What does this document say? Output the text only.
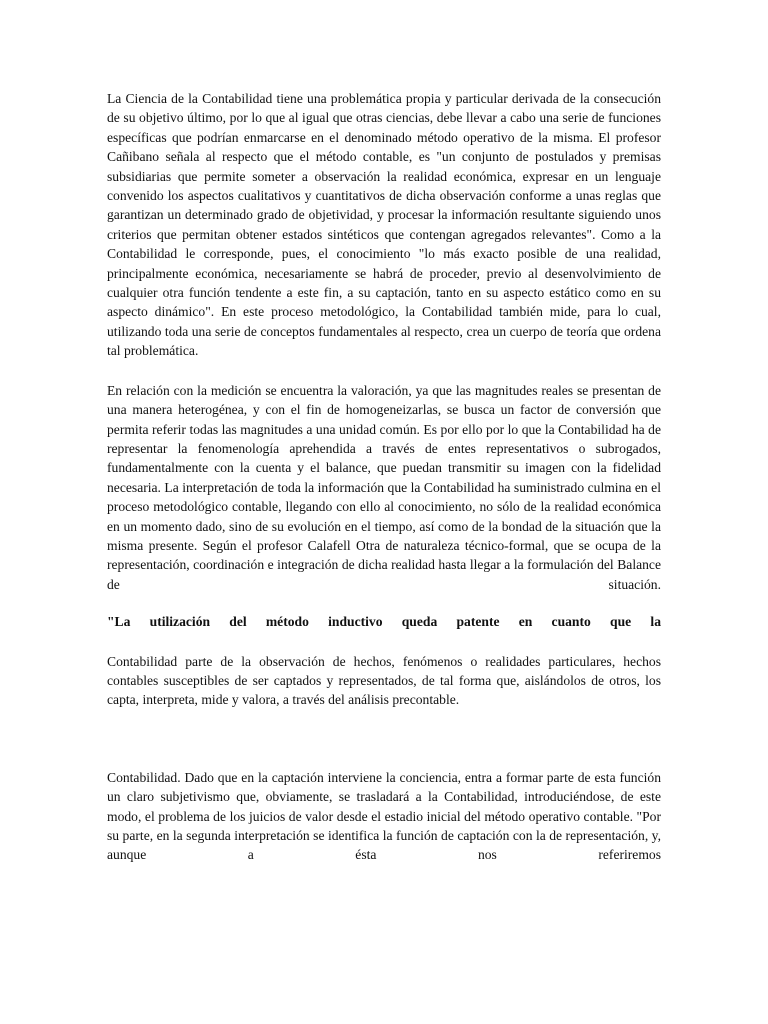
La Ciencia de la Contabilidad tiene una problemática propia y particular derivada de la consecución de su objetivo último, por lo que al igual que otras ciencias, debe llevar a cabo una serie de funciones específicas que podrían enmarcarse en el denominado método operativo de la misma. El profesor Cañibano señala al respecto que el método contable, es "un conjunto de postulados y premisas subsidiarias que permite someter a observación la realidad económica, expresar en un lenguaje convenido los aspectos cualitativos y cuantitativos de dicha observación conforme a unas reglas que garantizan un determinado grado de objetividad, y procesar la información resultante siguiendo unos criterios que permitan obtener estados sintéticos que contengan agregados relevantes". Como a la Contabilidad le corresponde, pues, el conocimiento "lo más exacto posible de una realidad, principalmente económica, necesariamente se habrá de proceder, previo al desenvolvimiento de cualquier otra función tendente a este fin, a su captación, tanto en su aspecto estático como en su aspecto dinámico". En este proceso metodológico, la Contabilidad también mide, para lo cual, utilizando toda una serie de conceptos fundamentales al respecto, crea un cuerpo de teoría que ordena tal problemática.

En relación con la medición se encuentra la valoración, ya que las magnitudes reales se presentan de una manera heterogénea, y con el fin de homogeneizarlas, se busca un factor de conversión que permita referir todas las magnitudes a una unidad común. Es por ello por lo que la Contabilidad ha de representar la fenomenología aprehendida a través de entes representativos o subrogados, fundamentalmente con la cuenta y el balance, que puedan transmitir su imagen con la fidelidad necesaria. La interpretación de toda la información que la Contabilidad ha suministrado culmina en el proceso metodológico contable, llegando con ello al conocimiento, no sólo de la realidad económica en un momento dado, sino de su evolución en el tiempo, así como de la bondad de la situación que la misma presente. Según el profesor Calafell Otra de naturaleza técnico-formal, que se ocupa de la representación, coordinación e integración de dicha realidad hasta llegar a la formulación del Balance de situación.

"La utilización del método inductivo queda patente en cuanto que la

Contabilidad parte de la observación de hechos, fenómenos o realidades particulares, hechos contables susceptibles de ser captados y representados, de tal forma que, aislándolos de otros, los capta, interpreta, mide y valora, a través del análisis precontable.

Contabilidad. Dado que en la captación interviene la conciencia, entra a formar parte de esta función un claro subjetivismo que, obviamente, se trasladará a la Contabilidad, introduciéndose, de este modo, el problema de los juicios de valor desde el estadio inicial del método operativo contable. "Por su parte, en la segunda interpretación se identifica la función de captación con la de representación, y, aunque a ésta nos referiremos
